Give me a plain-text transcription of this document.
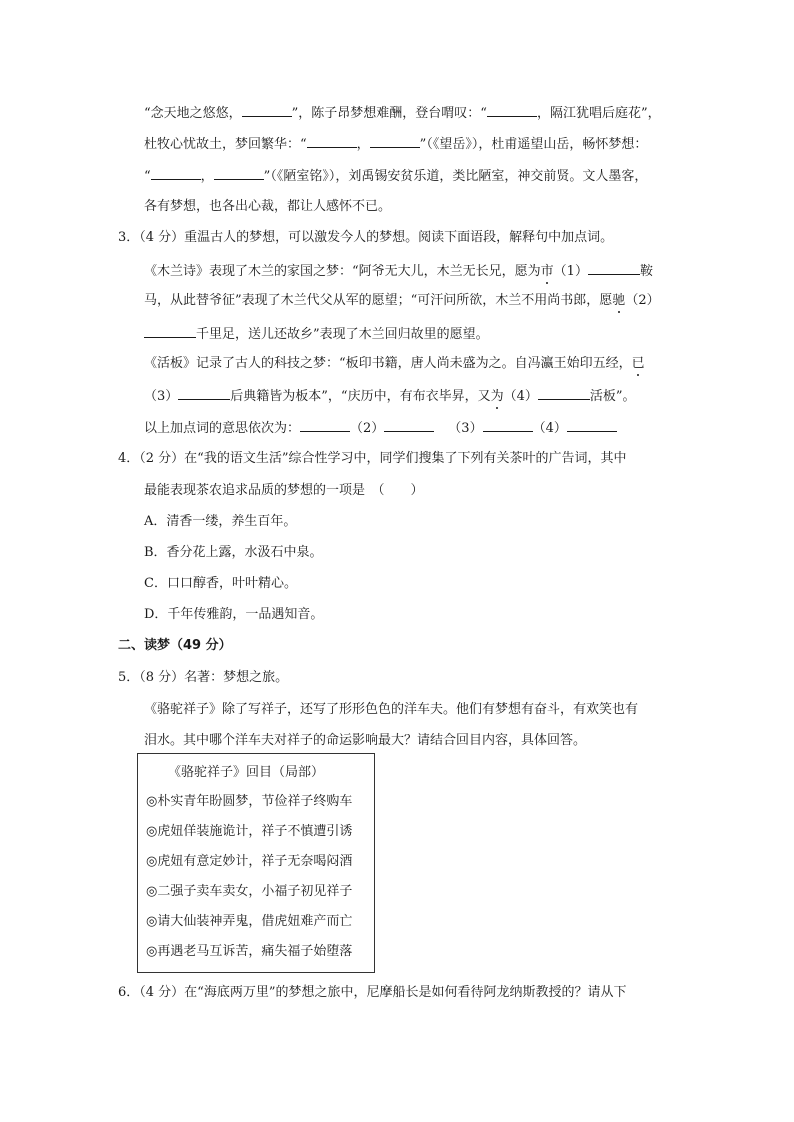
“念天地之悠悠，	”，陈子昂梦想难酬，登台喟叹：“	，隔江犹唱后庭花”，
杜牧心忧故土，梦回繁华：“	，	”（《望岳》），杜甫遥望山岳，畅怀梦想：
“	，	”（《陋室铭》），刘禹锡安贫乐道，类比陋室，神交前贤。文人墨客，
各有梦想，也各出心裁，都让人感怀不已。
3．（4 分）重温古人的梦想，可以激发今人的梦想。阅读下面语段，解释句中加点词。
《木兰诗》表现了木兰的家国之梦：“阿爷无大儿，木兰无长兄，愿为市（1）	鞍
马，从此替爷征”表现了木兰代父从军的愿望；“可汗问所欲，木兰不用尚书郎，愿驰（2）
千里足，送儿还故乡”表现了木兰回归故里的愿望。
《活板》记录了古人的科技之梦：“板印书籍，唐人尚未盛为之。自冯瀛王始印五经，已
（3）	后典籍皆为板本”，“庆历中，有布衣毕昇，又为（4）	活板”。
以上加点词的意思依次为：	（2）	（3）	（4）
4．（2 分）在“我的语文生活”综合性学习中，同学们搜集了下列有关茶叶的广告词，其中
最能表现茶农追求品质的梦想的一项是　（　　）
A．清香一缕，养生百年。
B．香分花上露，水汲石中泉。
C．口口醇香，叶叶精心。
D．千年传雅韵，一品遇知音。
二、读梦（49 分）
5．（8 分）名著：梦想之旅。
《骆驼祥子》除了写祥子，还写了形形色色的洋车夫。他们有梦想有奋斗，有欢笑也有
泪水。其中哪个洋车夫对祥子的命运影响最大？请结合回目内容，具体回答。
《骆驼祥子》回目（局部）
◎朴实青年盼圆梦，节俭祥子终购车
◎虎妞佯装施诡计，祥子不慎遭引诱
◎虎妞有意定妙计，祥子无奈喝闷酒
◎二强子卖车卖女，小福子初见祥子
◎请大仙装神弄鬼，借虎妞难产而亡
◎再遇老马互诉苦，痛失福子始堕落
6．（4 分）在“海底两万里”的梦想之旅中，尼摩船长是如何看待阿龙纳斯教授的？请从下
